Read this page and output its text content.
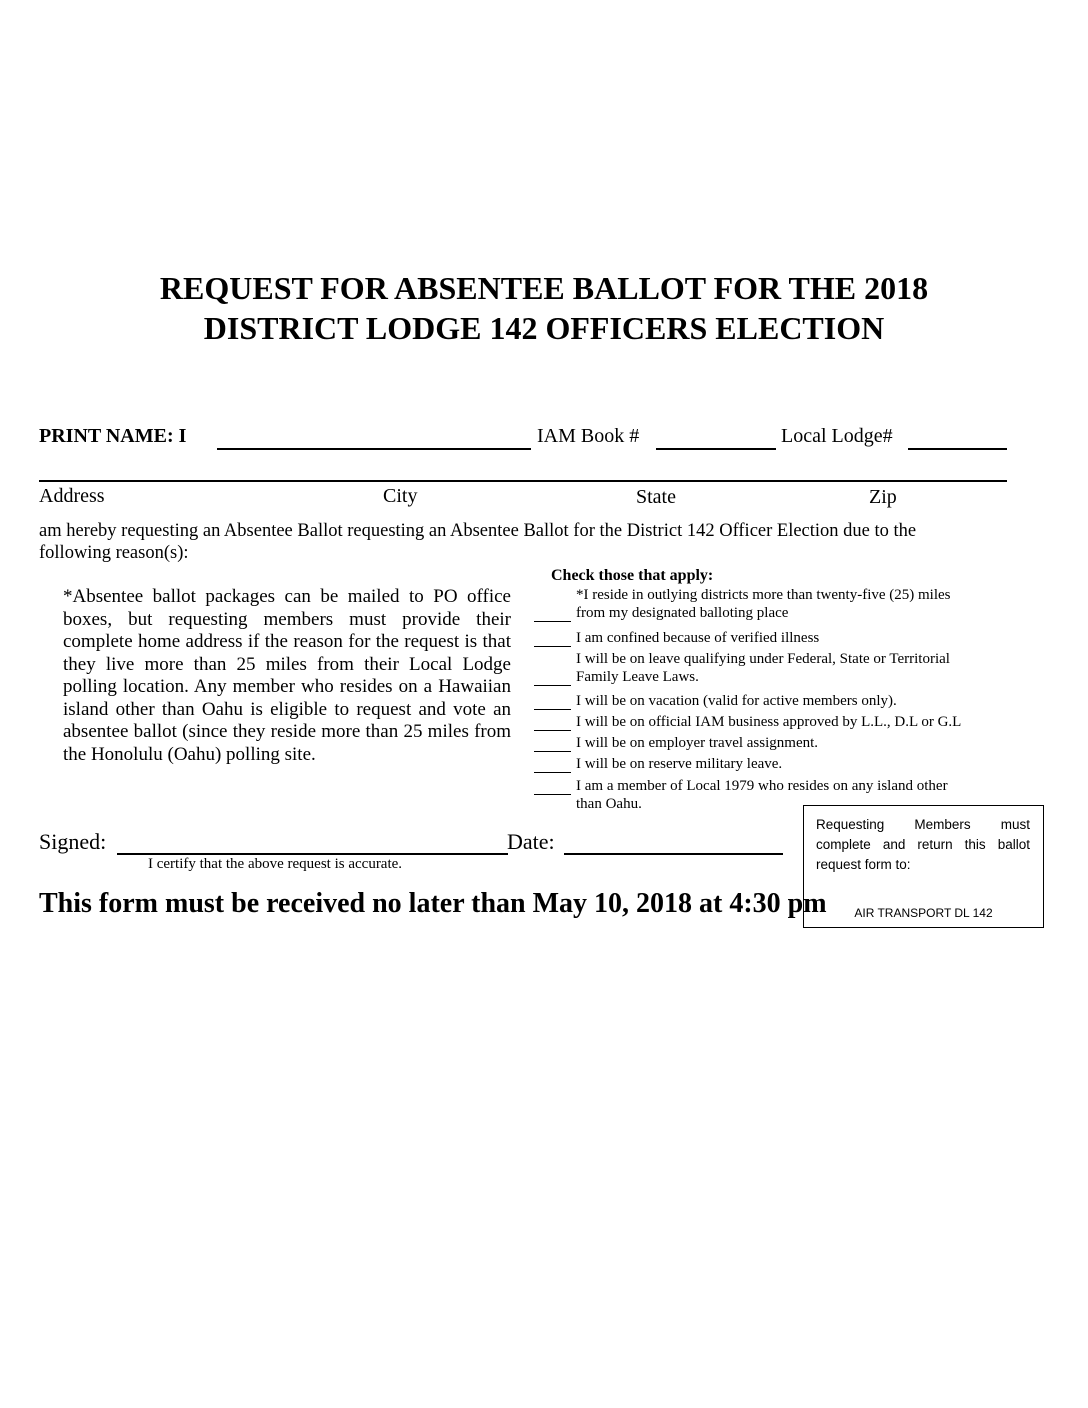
REQUEST FOR ABSENTEE BALLOT FOR THE 2018
DISTRICT LODGE 142 OFFICERS ELECTION
PRINT NAME: I	IAM Book #	Local Lodge#
Address	City	State	Zip
am hereby requesting an Absentee Ballot requesting an Absentee Ballot for the District 142 Officer Election due to the
following reason(s):
*Absentee ballot packages can be mailed to PO office boxes, but requesting members must provide their complete home address if the reason for the request is that they live more than 25 miles from their Local Lodge polling location. Any member who resides on a Hawaiian island other than Oahu is eligible to request and vote an absentee ballot (since they reside more than 25 miles from the Honolulu (Oahu) polling site.
Check those that apply:
*I reside in outlying districts more than twenty-five (25) miles
from my designated balloting place
I am confined because of verified illness
I will be on leave qualifying under Federal, State or Territorial
Family Leave Laws.
I will be on vacation (valid for active members only).
I will be on official IAM business approved by L.L., D.L or G.L
I will be on employer travel assignment.
I will be on reserve military leave.
I am a member of Local 1979 who resides on any island other
than Oahu.
Signed:	Date:
I certify that the above request is accurate.
This form must be received no later than May 10, 2018 at 4:30 pm
Requesting Members must complete and return this ballot request form to:
AIR TRANSPORT DL 142
